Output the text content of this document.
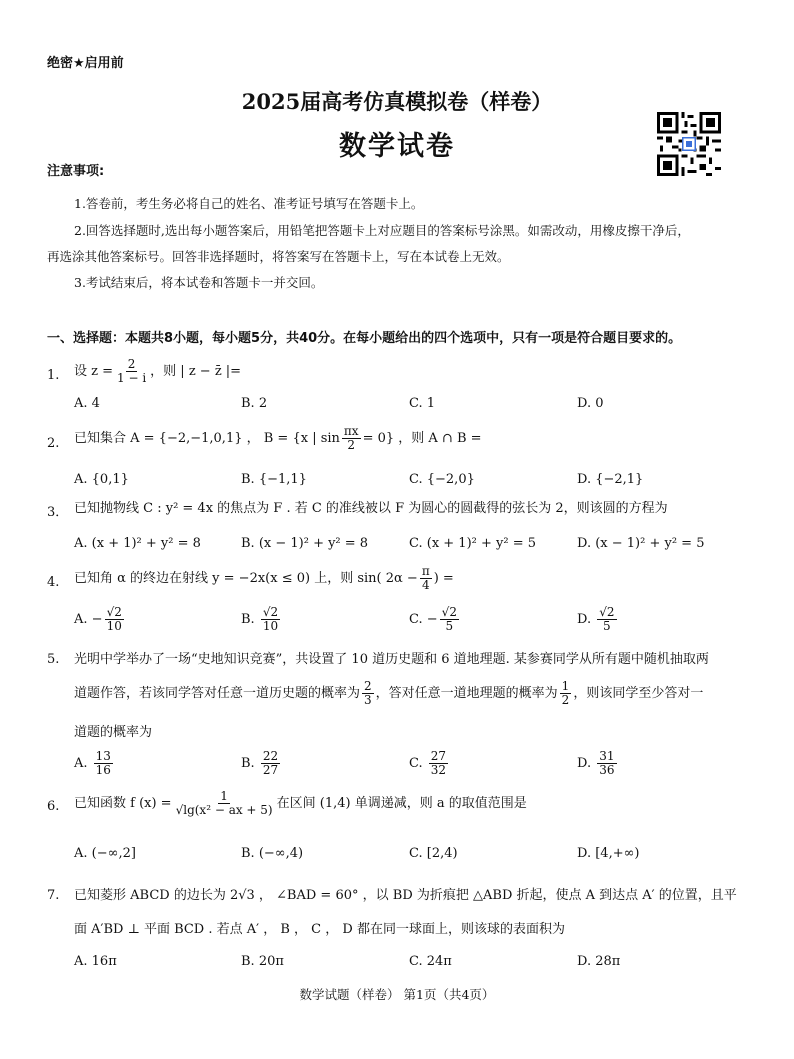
绝密★启用前
2025届高考仿真模拟卷（样卷）
数学试卷
注意事项:
1.答卷前，考生务必将自己的姓名、准考证号填写在答题卡上。
2.回答选择题时,选出每小题答案后，用铅笔把答题卡上对应题目的答案标号涂黑。如需改动，用橡皮擦干净后，
再选涂其他答案标号。回答非选择题时，将答案写在答题卡上，写在本试卷上无效。
3.考试结束后，将本试卷和答题卡一并交回。
一、选择题：本题共8小题，每小题5分，共40分。在每小题给出的四个选项中，只有一项是符合题目要求的。
1. 设 $z = \frac{2}{1 - i}$ ，则 | z − z̄ |=
A. 4	B. 2	C. 1	D. 0
2. 已知集合 A = {−2,−1,0,1} ， B = {x | $\sin \frac{\pi x}{2} = 0$} ，则 A ∩ B =
A. {0,1}	B. {−1,1}	C. {−2,0}	D. {−2,1}
3． 已知抛物线 C : y² = 4x 的焦点为 F . 若 C 的准线被以 F 为圆心的圆截得的弦长为 2，则该圆的方程为
A. (x + 1)² + y² = 8	B. (x − 1)² + y² = 8	C. (x + 1)² + y² = 5	D. (x − 1)² + y² = 5
4. 已知角 α 的终边在射线 y = −2x(x ≤ 0) 上，则 sin( $2\alpha - \frac{\pi}{4}$ ) =
A. − $\frac{√2}{10}$	B. $\frac{√2}{10}$	C. − $\frac{√2}{5}$	D. $\frac{√2}{5}$
5. 光明中学举办了一场“史地知识竞赛”，共设置了 10 道历史题和 6 道地理题. 某参赛同学从所有题中随机抽取两
道题作答，若该同学答对任意一道历史题的概率为 $\frac{2}{3}$ ，答对任意一道地理题的概率为 $\frac{1}{2}$ ，则该同学至少答对一
道题的概率为
A. $\frac{13}{16}$	B. $\frac{22}{27}$	C. $\frac{27}{32}$	D. $\frac{31}{36}$
6. 已知函数 f $(x) = \frac{1}{\text{√lg(x² − ax + 5)}}$ 在区间 (1,4) 单调递减，则 a 的取值范围是
A. (−∞,2]	B. (−∞,4)	C. [2,4)	D. [4,+∞)
7. 已知菱形 ABCD 的边长为 2√3 ， ∠BAD = 60° ，以 BD 为折痕把 △ABD 折起，使点 A 到达点 A′ 的位置，且平
面 A′BD ⊥ 平面 BCD . 若点 A′ ， B ， C ， D 都在同一球面上，则该球的表面积为
A. 16π	B. 20π	C. 24π	D. 28π
数学试题（样卷） 第1页（共4页）
